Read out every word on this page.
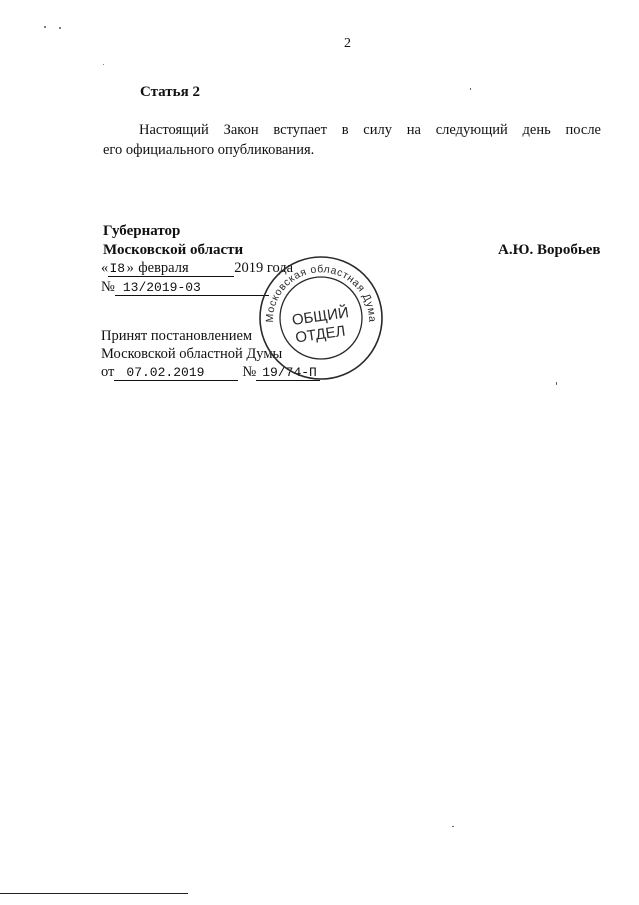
2
Статья 2
Настоящий Закон вступает в силу на следующий день после
его официального опубликования.
Губернатор
Московской области	А.Ю. Воробьев
«I8 » февраля	2019 года
№ 13/2019-03
Принят постановлением
Московской областной Думы
от 07.02.2019	№ 19/74-П
Московская областная Дума
ОБЩИЙ
ОТДЕЛ
